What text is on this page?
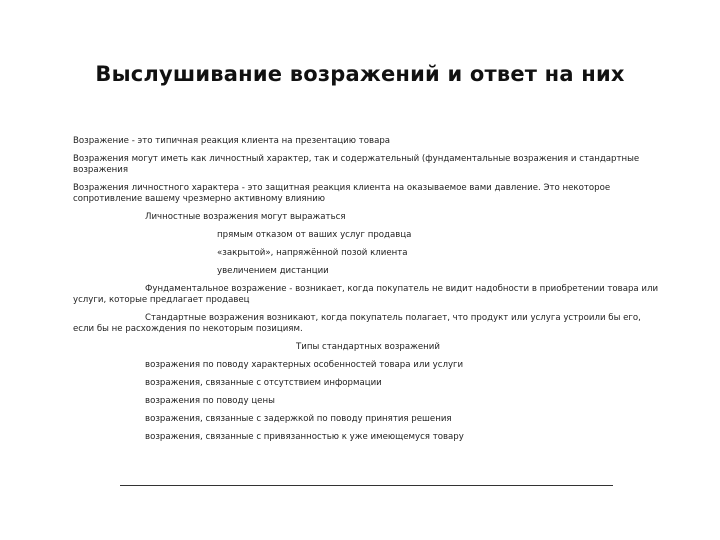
Выслушивание возражений и ответ на них

Возражение - это типичная реакция клиента на презентацию товара

Возражения могут иметь как личностный характер, так и содержательный (фундаментальные возражения и стандартные возражения

Возражения личностного характера - это защитная реакция клиента на оказываемое вами давление. Это некоторое сопротивление вашему чрезмерно активному влиянию

Личностные возражения могут выражаться

прямым отказом от ваших услуг продавца

«закрытой», напряжённой позой клиента

увеличением дистанции

Фундаментальное возражение - возникает, когда покупатель не видит надобности в приобретении товара или услуги, которые предлагает продавец

Стандартные возражения возникают, когда покупатель полагает, что продукт или услуга устроили бы его, если бы не расхождения по некоторым позициям.

Типы стандартных возражений

возражения по поводу характерных особенностей товара или услуги

возражения, связанные с отсутствием информации

возражения по поводу цены

возражения, связанные с задержкой по поводу принятия решения

возражения, связанные с привязанностью к уже имеющемуся товару
